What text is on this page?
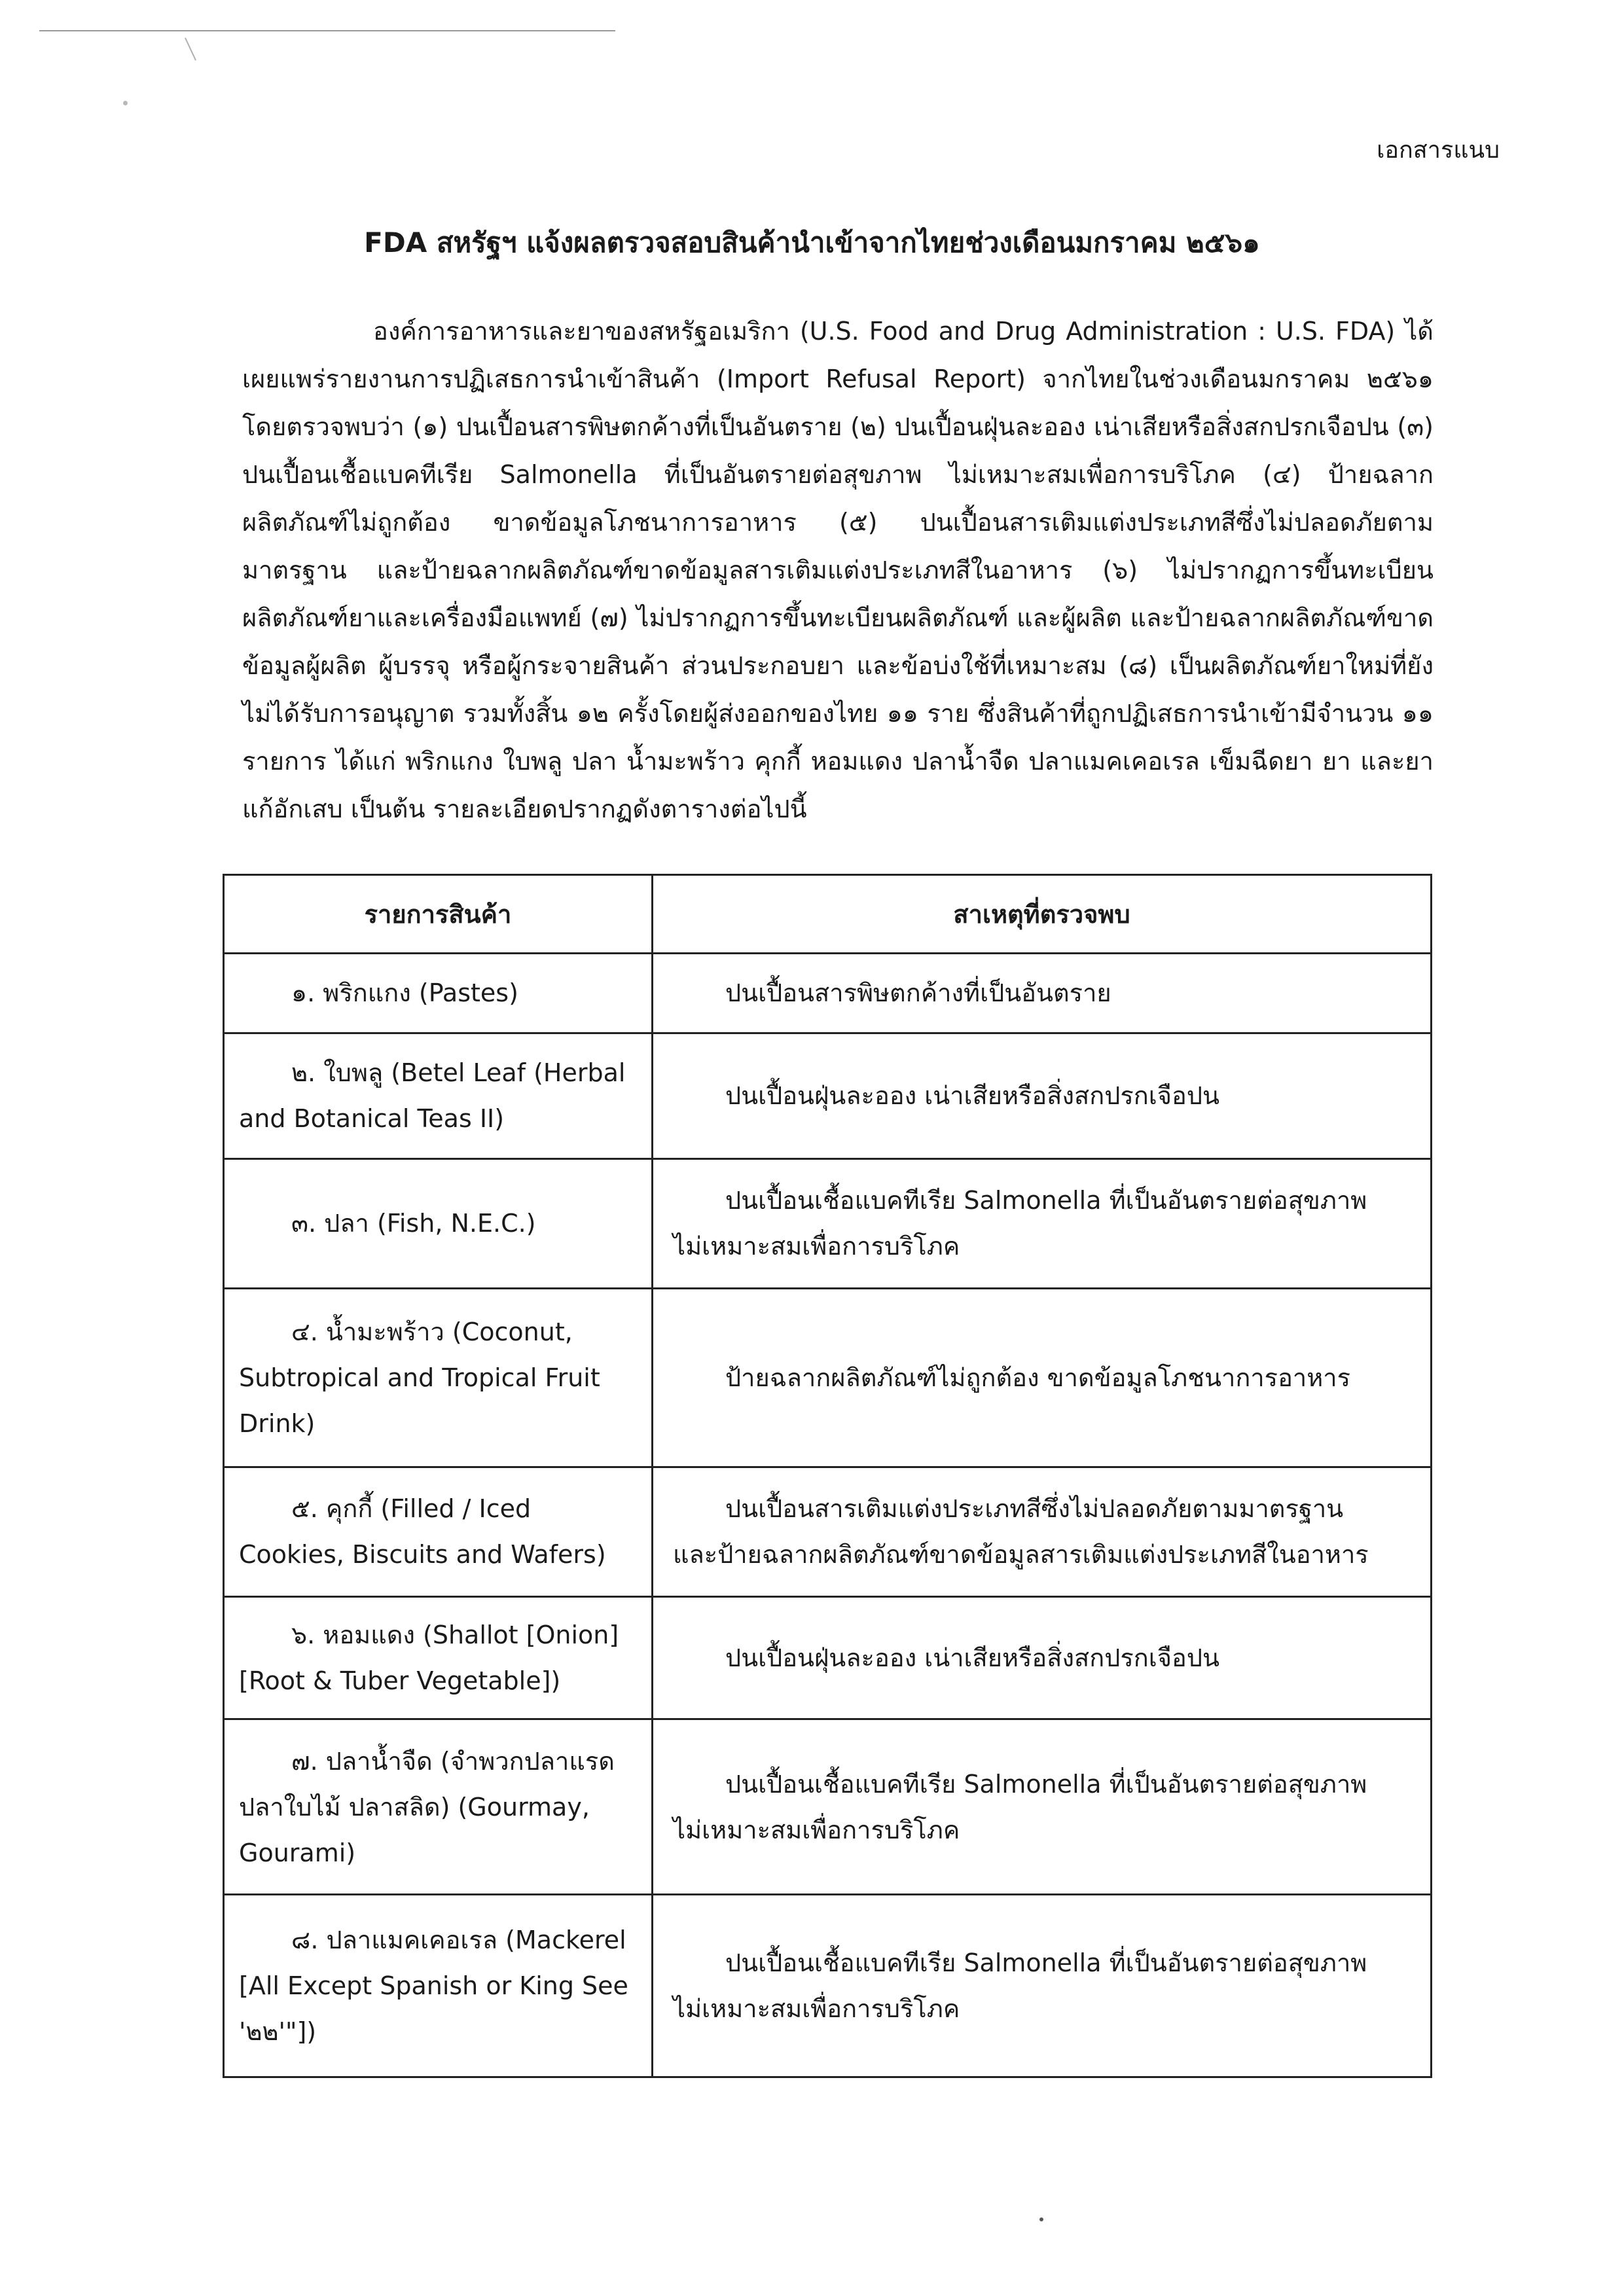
เอกสารแนบ
FDA สหรัฐฯ แจ้งผลตรวจสอบสินค้านำเข้าจากไทยช่วงเดือนมกราคม ๒๕๖๑
องค์การอาหารและยาของสหรัฐอเมริกา (U.S. Food and Drug Administration : U.S. FDA) ได้เผยแพร่รายงานการปฏิเสธการนำเข้าสินค้า (Import Refusal Report) จากไทยในช่วงเดือนมกราคม ๒๕๖๑ โดยตรวจพบว่า (๑) ปนเปื้อนสารพิษตกค้างที่เป็นอันตราย (๒) ปนเปื้อนฝุ่นละออง เน่าเสียหรือสิ่งสกปรกเจือปน (๓) ปนเปื้อนเชื้อแบคทีเรีย Salmonella ที่เป็นอันตรายต่อสุขภาพ ไม่เหมาะสมเพื่อการบริโภค (๔) ป้ายฉลากผลิตภัณฑ์ไม่ถูกต้อง ขาดข้อมูลโภชนาการอาหาร (๕) ปนเปื้อนสารเติมแต่งประเภทสีซึ่งไม่ปลอดภัยตามมาตรฐาน และป้ายฉลากผลิตภัณฑ์ขาดข้อมูลสารเติมแต่งประเภทสีในอาหาร (๖) ไม่ปรากฏการขึ้นทะเบียนผลิตภัณฑ์ยาและเครื่องมือแพทย์ (๗) ไม่ปรากฏการขึ้นทะเบียนผลิตภัณฑ์ และผู้ผลิต และป้ายฉลากผลิตภัณฑ์ขาดข้อมูลผู้ผลิต ผู้บรรจุ หรือผู้กระจายสินค้า ส่วนประกอบยา และข้อบ่งใช้ที่เหมาะสม (๘) เป็นผลิตภัณฑ์ยาใหม่ที่ยังไม่ได้รับการอนุญาต รวมทั้งสิ้น ๑๒ ครั้งโดยผู้ส่งออกของไทย ๑๑ ราย ซึ่งสินค้าที่ถูกปฏิเสธการนำเข้ามีจำนวน ๑๑ รายการ ได้แก่ พริกแกง ใบพลู ปลา น้ำมะพร้าว คุกกี้ หอมแดง ปลาน้ำจืด ปลาแมคเคอเรล เข็มฉีดยา ยา และยาแก้อักเสบ เป็นต้น รายละเอียดปรากฏดังตารางต่อไปนี้
รายการสินค้า	สาเหตุที่ตรวจพบ

๑. พริกแกง (Pastes)	ปนเปื้อนสารพิษตกค้างที่เป็นอันตราย

๒. ใบพลู (Betel Leaf (Herbal
and Botanical Teas II)	ปนเปื้อนฝุ่นละออง เน่าเสียหรือสิ่งสกปรกเจือปน

๓. ปลา (Fish, N.E.C.)	ปนเปื้อนเชื้อแบคทีเรีย Salmonella ที่เป็นอันตรายต่อสุขภาพ
ไม่เหมาะสมเพื่อการบริโภค

๔. น้ำมะพร้าว (Coconut,
Subtropical and Tropical Fruit
Drink)	ป้ายฉลากผลิตภัณฑ์ไม่ถูกต้อง ขาดข้อมูลโภชนาการอาหาร

๕. คุกกี้ (Filled / Iced
Cookies, Biscuits and Wafers)	ปนเปื้อนสารเติมแต่งประเภทสีซึ่งไม่ปลอดภัยตามมาตรฐาน
และป้ายฉลากผลิตภัณฑ์ขาดข้อมูลสารเติมแต่งประเภทสีในอาหาร

๖. หอมแดง (Shallot [Onion]
[Root & Tuber Vegetable])	ปนเปื้อนฝุ่นละออง เน่าเสียหรือสิ่งสกปรกเจือปน

๗. ปลาน้ำจืด (จำพวกปลาแรด
ปลาใบไม้ ปลาสลิด) (Gourmay,
Gourami)	ปนเปื้อนเชื้อแบคทีเรีย Salmonella ที่เป็นอันตรายต่อสุขภาพ
ไม่เหมาะสมเพื่อการบริโภค

๘. ปลาแมคเคอเรล (Mackerel
[All Except Spanish or King See
'๒๒'"])	ปนเปื้อนเชื้อแบคทีเรีย Salmonella ที่เป็นอันตรายต่อสุขภาพ
ไม่เหมาะสมเพื่อการบริโภค
